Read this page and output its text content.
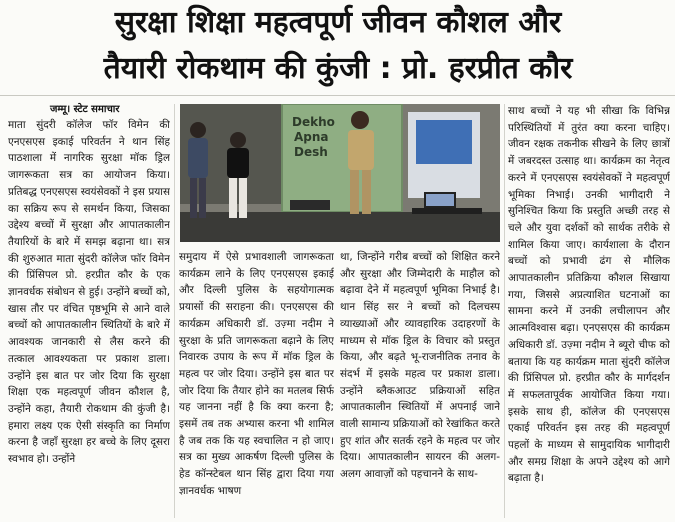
सुरक्षा शिक्षा महत्वपूर्ण जीवन कौशल और
तैयारी रोकथाम की कुंजी : प्रो. हरप्रीत कौर
जम्मू। स्टेट समाचार

माता सुंदरी कॉलेज फॉर विमेन की एनएसएस इकाई परिवर्तन ने थान सिंह पाठशाला में नागरिक सुरक्षा मॉक ड्रिल जागरूकता सत्र का आयोजन किया। प्रतिबद्ध एनएसएस स्वयंसेवकों ने इस प्रयास का सक्रिय रूप से समर्थन किया, जिसका उद्देश्य बच्चों में सुरक्षा और आपातकालीन तैयारियों के बारे में समझ बढ़ाना था। सत्र की शुरुआत माता सुंदरी कॉलेज फॉर विमेन की प्रिंसिपल प्रो. हरप्रीत कौर के एक ज्ञानवर्धक संबोधन से हुई। उन्होंने बच्चों को, खास तौर पर वंचित पृष्ठभूमि से आने वाले बच्चों को आपातकालीन स्थितियों के बारे में आवश्यक जानकारी से लैस करने की तत्काल आवश्यकता पर प्रकाश डाला। उन्होंने इस बात पर जोर दिया कि सुरक्षा शिक्षा एक महत्वपूर्ण जीवन कौशल है, उन्होंने कहा, तैयारी रोकथाम की कुंजी है। हमारा लक्ष्य एक ऐसी संस्कृति का निर्माण करना है जहाँ सुरक्षा हर बच्चे के लिए दूसरा स्वभाव हो। उन्होंने

Dekho
Apna
Desh

समुदाय में ऐसे प्रभावशाली जागरूकता कार्यक्रम लाने के लिए एनएसएस इकाई और दिल्ली पुलिस के सहयोगात्मक प्रयासों की सराहना की। एनएसएस की कार्यक्रम अधिकारी डॉ. उज़्मा नदीम ने सुरक्षा के प्रति जागरूकता बढ़ाने के लिए निवारक उपाय के रूप में मॉक ड्रिल के महत्व पर जोर दिया। उन्होंने इस बात पर जोर दिया कि तैयार होने का मतलब सिर्फ यह जानना नहीं है कि क्या करना है; इसमें तब तक अभ्यास करना भी शामिल है जब तक कि यह स्वचालित न हो जाए। सत्र का मुख्य आकर्षण दिल्ली पुलिस के हेड कॉन्स्टेबल थान सिंह द्वारा दिया गया ज्ञानवर्धक भाषण

था, जिन्होंने गरीब बच्चों को शिक्षित करने और सुरक्षा और जिम्मेदारी के माहौल को बढ़ावा देने में महत्वपूर्ण भूमिका निभाई है। थान सिंह सर ने बच्चों को दिलचस्प व्याख्याओं और व्यावहारिक उदाहरणों के माध्यम से मॉक ड्रिल के विचार को प्रस्तुत किया, और बढ़ते भू-राजनीतिक तनाव के संदर्भ में इसके महत्व पर प्रकाश डाला। उन्होंने ब्लैकआउट प्रक्रियाओं सहित आपातकालीन स्थितियों में अपनाई जाने वाली सामान्य प्रक्रियाओं को रेखांकित करते हुए शांत और सतर्क रहने के महत्व पर जोर दिया। आपातकालीन सायरन की अलग-अलग आवाज़ों को पहचानने के साथ-

साथ बच्चों ने यह भी सीखा कि विभिन्न परिस्थितियों में तुरंत क्या करना चाहिए। जीवन रक्षक तकनीक सीखने के लिए छात्रों में जबरदस्त उत्साह था। कार्यक्रम का नेतृत्व करने में एनएसएस स्वयंसेवकों ने महत्वपूर्ण भूमिका निभाई। उनकी भागीदारी ने सुनिश्चित किया कि प्रस्तुति अच्छी तरह से चले और युवा दर्शकों को सार्थक तरीके से शामिल किया जाए। कार्यशाला के दौरान बच्चों को प्रभावी ढंग से मौलिक आपातकालीन प्रतिक्रिया कौशल सिखाया गया, जिससे अप्रत्याशित घटनाओं का सामना करने में उनकी लचीलापन और आत्मविश्वास बढ़ा। एनएसएस की कार्यक्रम अधिकारी डॉ. उज़्मा नदीम ने ब्यूरो चीफ को बताया कि यह कार्यक्रम माता सुंदरी कॉलेज की प्रिंसिपल प्रो. हरप्रीत कौर के मार्गदर्शन में सफलतापूर्वक आयोजित किया गया। इसके साथ ही, कॉलेज की एनएसएस एकाई परिवर्तन इस तरह की महत्वपूर्ण पहलों के माध्यम से सामुदायिक भागीदारी और समग्र शिक्षा के अपने उद्देश्य को आगे बढ़ाता है।
